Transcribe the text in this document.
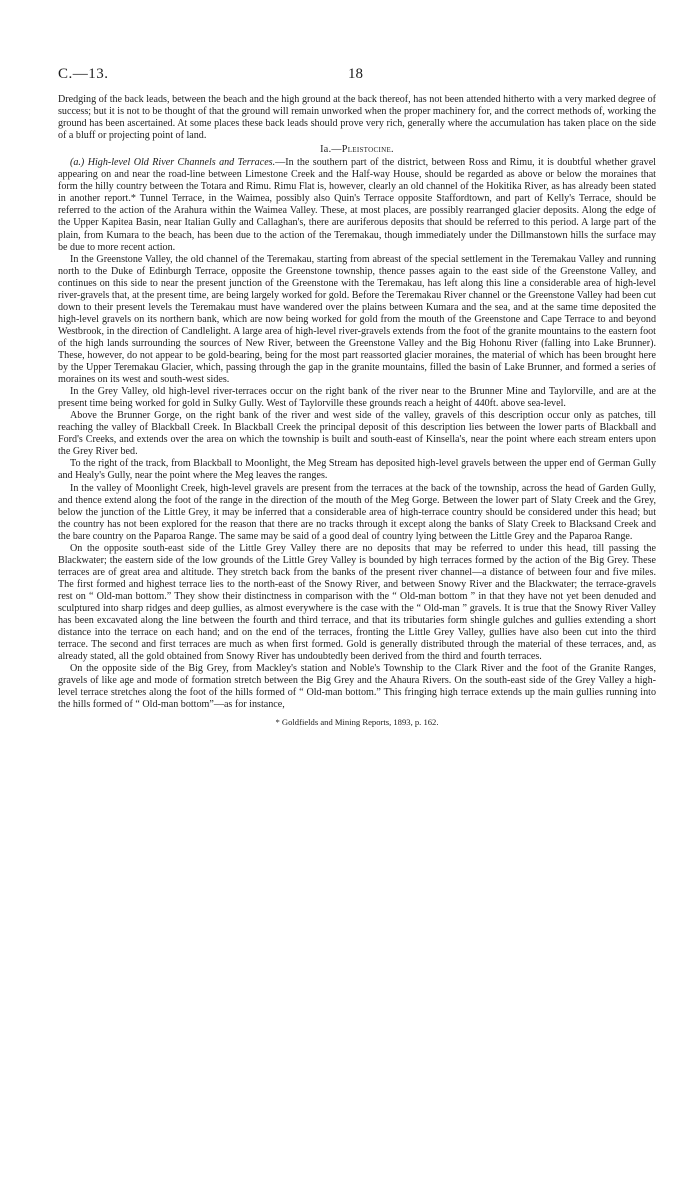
C.—13.	18

Dredging of the back leads, between the beach and the high ground at the back thereof, has not been attended hitherto with a very marked degree of success; but it is not to be thought of that the ground will remain unworked when the proper machinery for, and the correct methods of, working the ground has been ascertained. At some places these back leads should prove very rich, generally where the accumulation has taken place on the side of a bluff or projecting point of land.

Ia.—Pleistocine.

(a.) High-level Old River Channels and Terraces.—In the southern part of the district, between Ross and Rimu, it is doubtful whether gravel appearing on and near the road-line between Limestone Creek and the Half-way House, should be regarded as above or below the moraines that form the hilly country between the Totara and Rimu. Rimu Flat is, however, clearly an old channel of the Hokitika River, as has already been stated in another report.* Tunnel Terrace, in the Waimea, possibly also Quin's Terrace opposite Staffordtown, and part of Kelly's Terrace, should be referred to the action of the Arahura within the Waimea Valley. These, at most places, are possibly rearranged glacier deposits. Along the edge of the Upper Kapitea Basin, near Italian Gully and Callaghan's, there are auriferous deposits that should be referred to this period. A large part of the plain, from Kumara to the beach, has been due to the action of the Teremakau, though immediately under the Dillmanstown hills the surface may be due to more recent action.

In the Greenstone Valley, the old channel of the Teremakau, starting from abreast of the special settlement in the Teremakau Valley and running north to the Duke of Edinburgh Terrace, opposite the Greenstone township, thence passes again to the east side of the Greenstone Valley, and continues on this side to near the present junction of the Greenstone with the Teremakau, has left along this line a considerable area of high-level river-gravels that, at the present time, are being largely worked for gold. Before the Teremakau River channel or the Greenstone Valley had been cut down to their present levels the Teremakau must have wandered over the plains between Kumara and the sea, and at the same time deposited the high-level gravels on its northern bank, which are now being worked for gold from the mouth of the Greenstone and Cape Terrace to and beyond Westbrook, in the direction of Candlelight. A large area of high-level river-gravels extends from the foot of the granite mountains to the eastern foot of the high lands surrounding the sources of New River, between the Greenstone Valley and the Big Hohonu River (falling into Lake Brunner). These, however, do not appear to be gold-bearing, being for the most part reassorted glacier moraines, the material of which has been brought here by the Upper Teremakau Glacier, which, passing through the gap in the granite mountains, filled the basin of Lake Brunner, and formed a series of moraines on its west and south-west sides.

In the Grey Valley, old high-level river-terraces occur on the right bank of the river near to the Brunner Mine and Taylorville, and are at the present time being worked for gold in Sulky Gully. West of Taylorville these grounds reach a height of 440ft. above sea-level.

Above the Brunner Gorge, on the right bank of the river and west side of the valley, gravels of this description occur only as patches, till reaching the valley of Blackball Creek. In Blackball Creek the principal deposit of this description lies between the lower parts of Blackball and Ford's Creeks, and extends over the area on which the township is built and south-east of Kinsella's, near the point where each stream enters upon the Grey River bed.

To the right of the track, from Blackball to Moonlight, the Meg Stream has deposited high-level gravels between the upper end of German Gully and Healy's Gully, near the point where the Meg leaves the ranges.

In the valley of Moonlight Creek, high-level gravels are present from the terraces at the back of the township, across the head of Garden Gully, and thence extend along the foot of the range in the direction of the mouth of the Meg Gorge. Between the lower part of Slaty Creek and the Grey, below the junction of the Little Grey, it may be inferred that a considerable area of high-terrace country should be considered under this head; but the country has not been explored for the reason that there are no tracks through it except along the banks of Slaty Creek to Blacksand Creek and the bare country on the Paparoa Range. The same may be said of a good deal of country lying between the Little Grey and the Paparoa Range.

On the opposite south-east side of the Little Grey Valley there are no deposits that may be referred to under this head, till passing the Blackwater; the eastern side of the low grounds of the Little Grey Valley is bounded by high terraces formed by the action of the Big Grey. These terraces are of great area and altitude. They stretch back from the banks of the present river channel—a distance of between four and five miles. The first formed and highest terrace lies to the north-east of the Snowy River, and between Snowy River and the Blackwater; the terrace-gravels rest on “ Old-man bottom.” They show their distinctness in comparison with the “ Old-man bottom ” in that they have not yet been denuded and sculptured into sharp ridges and deep gullies, as almost everywhere is the case with the “ Old-man ” gravels. It is true that the Snowy River Valley has been excavated along the line between the fourth and third terrace, and that its tributaries form shingle gulches and gullies extending a short distance into the terrace on each hand; and on the end of the terraces, fronting the Little Grey Valley, gullies have also been cut into the third terrace. The second and first terraces are much as when first formed. Gold is generally distributed through the material of these terraces, and, as already stated, all the gold obtained from Snowy River has undoubtedly been derived from the third and fourth terraces.

On the opposite side of the Big Grey, from Mackley's station and Noble's Township to the Clark River and the foot of the Granite Ranges, gravels of like age and mode of formation stretch between the Big Grey and the Ahaura Rivers. On the south-east side of the Grey Valley a high-level terrace stretches along the foot of the hills formed of “ Old-man bottom.” This fringing high terrace extends up the main gullies running into the hills formed of “ Old-man bottom”—as for instance,

* Goldfields and Mining Reports, 1893, p. 162.
